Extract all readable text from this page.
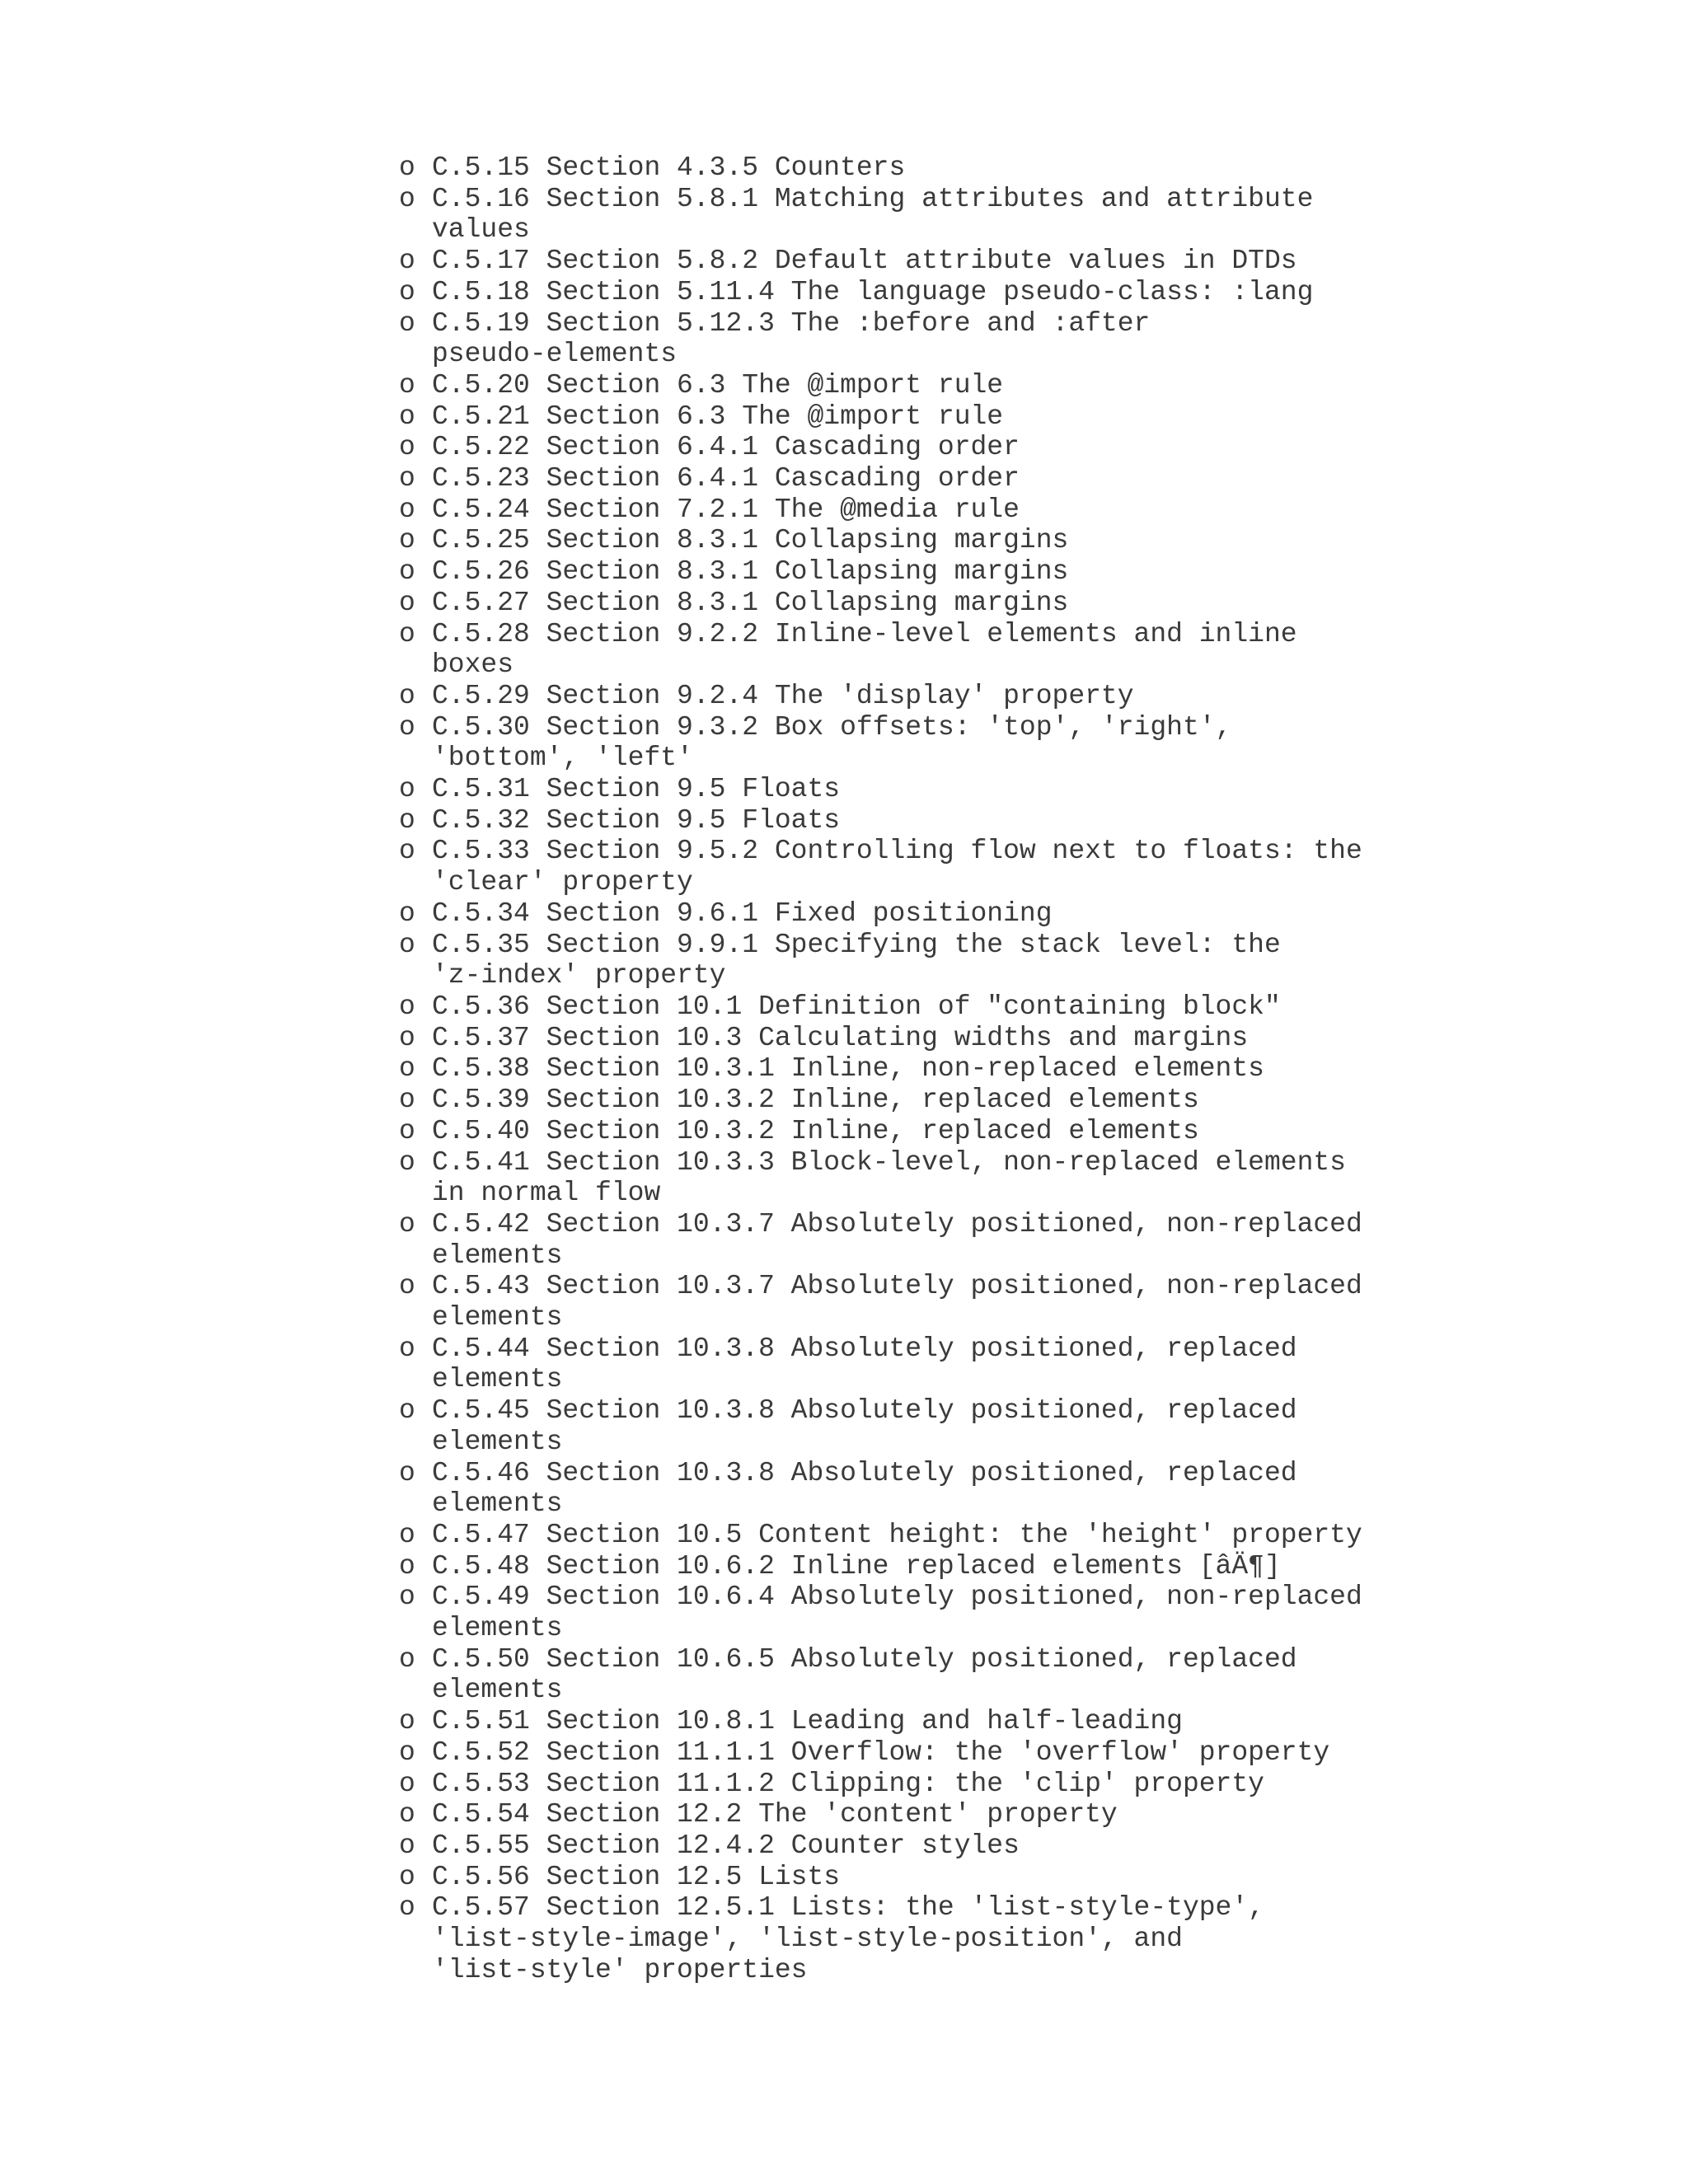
o C.5.15 Section 4.3.5 Counters
o C.5.16 Section 5.8.1 Matching attributes and attribute
values
o C.5.17 Section 5.8.2 Default attribute values in DTDs
o C.5.18 Section 5.11.4 The language pseudo-class: :lang
o C.5.19 Section 5.12.3 The :before and :after
pseudo-elements
o C.5.20 Section 6.3 The @import rule
o C.5.21 Section 6.3 The @import rule
o C.5.22 Section 6.4.1 Cascading order
o C.5.23 Section 6.4.1 Cascading order
o C.5.24 Section 7.2.1 The @media rule
o C.5.25 Section 8.3.1 Collapsing margins
o C.5.26 Section 8.3.1 Collapsing margins
o C.5.27 Section 8.3.1 Collapsing margins
o C.5.28 Section 9.2.2 Inline-level elements and inline
boxes
o C.5.29 Section 9.2.4 The 'display' property
o C.5.30 Section 9.3.2 Box offsets: 'top', 'right',
'bottom', 'left'
o C.5.31 Section 9.5 Floats
o C.5.32 Section 9.5 Floats
o C.5.33 Section 9.5.2 Controlling flow next to floats: the
'clear' property
o C.5.34 Section 9.6.1 Fixed positioning
o C.5.35 Section 9.9.1 Specifying the stack level: the
'z-index' property
o C.5.36 Section 10.1 Definition of "containing block"
o C.5.37 Section 10.3 Calculating widths and margins
o C.5.38 Section 10.3.1 Inline, non-replaced elements
o C.5.39 Section 10.3.2 Inline, replaced elements
o C.5.40 Section 10.3.2 Inline, replaced elements
o C.5.41 Section 10.3.3 Block-level, non-replaced elements
in normal flow
o C.5.42 Section 10.3.7 Absolutely positioned, non-replaced
elements
o C.5.43 Section 10.3.7 Absolutely positioned, non-replaced
elements
o C.5.44 Section 10.3.8 Absolutely positioned, replaced
elements
o C.5.45 Section 10.3.8 Absolutely positioned, replaced
elements
o C.5.46 Section 10.3.8 Absolutely positioned, replaced
elements
o C.5.47 Section 10.5 Content height: the 'height' property
o C.5.48 Section 10.6.2 Inline replaced elements [âÄ¶]
o C.5.49 Section 10.6.4 Absolutely positioned, non-replaced
elements
o C.5.50 Section 10.6.5 Absolutely positioned, replaced
elements
o C.5.51 Section 10.8.1 Leading and half-leading
o C.5.52 Section 11.1.1 Overflow: the 'overflow' property
o C.5.53 Section 11.1.2 Clipping: the 'clip' property
o C.5.54 Section 12.2 The 'content' property
o C.5.55 Section 12.4.2 Counter styles
o C.5.56 Section 12.5 Lists
o C.5.57 Section 12.5.1 Lists: the 'list-style-type',
'list-style-image', 'list-style-position', and
'list-style' properties
